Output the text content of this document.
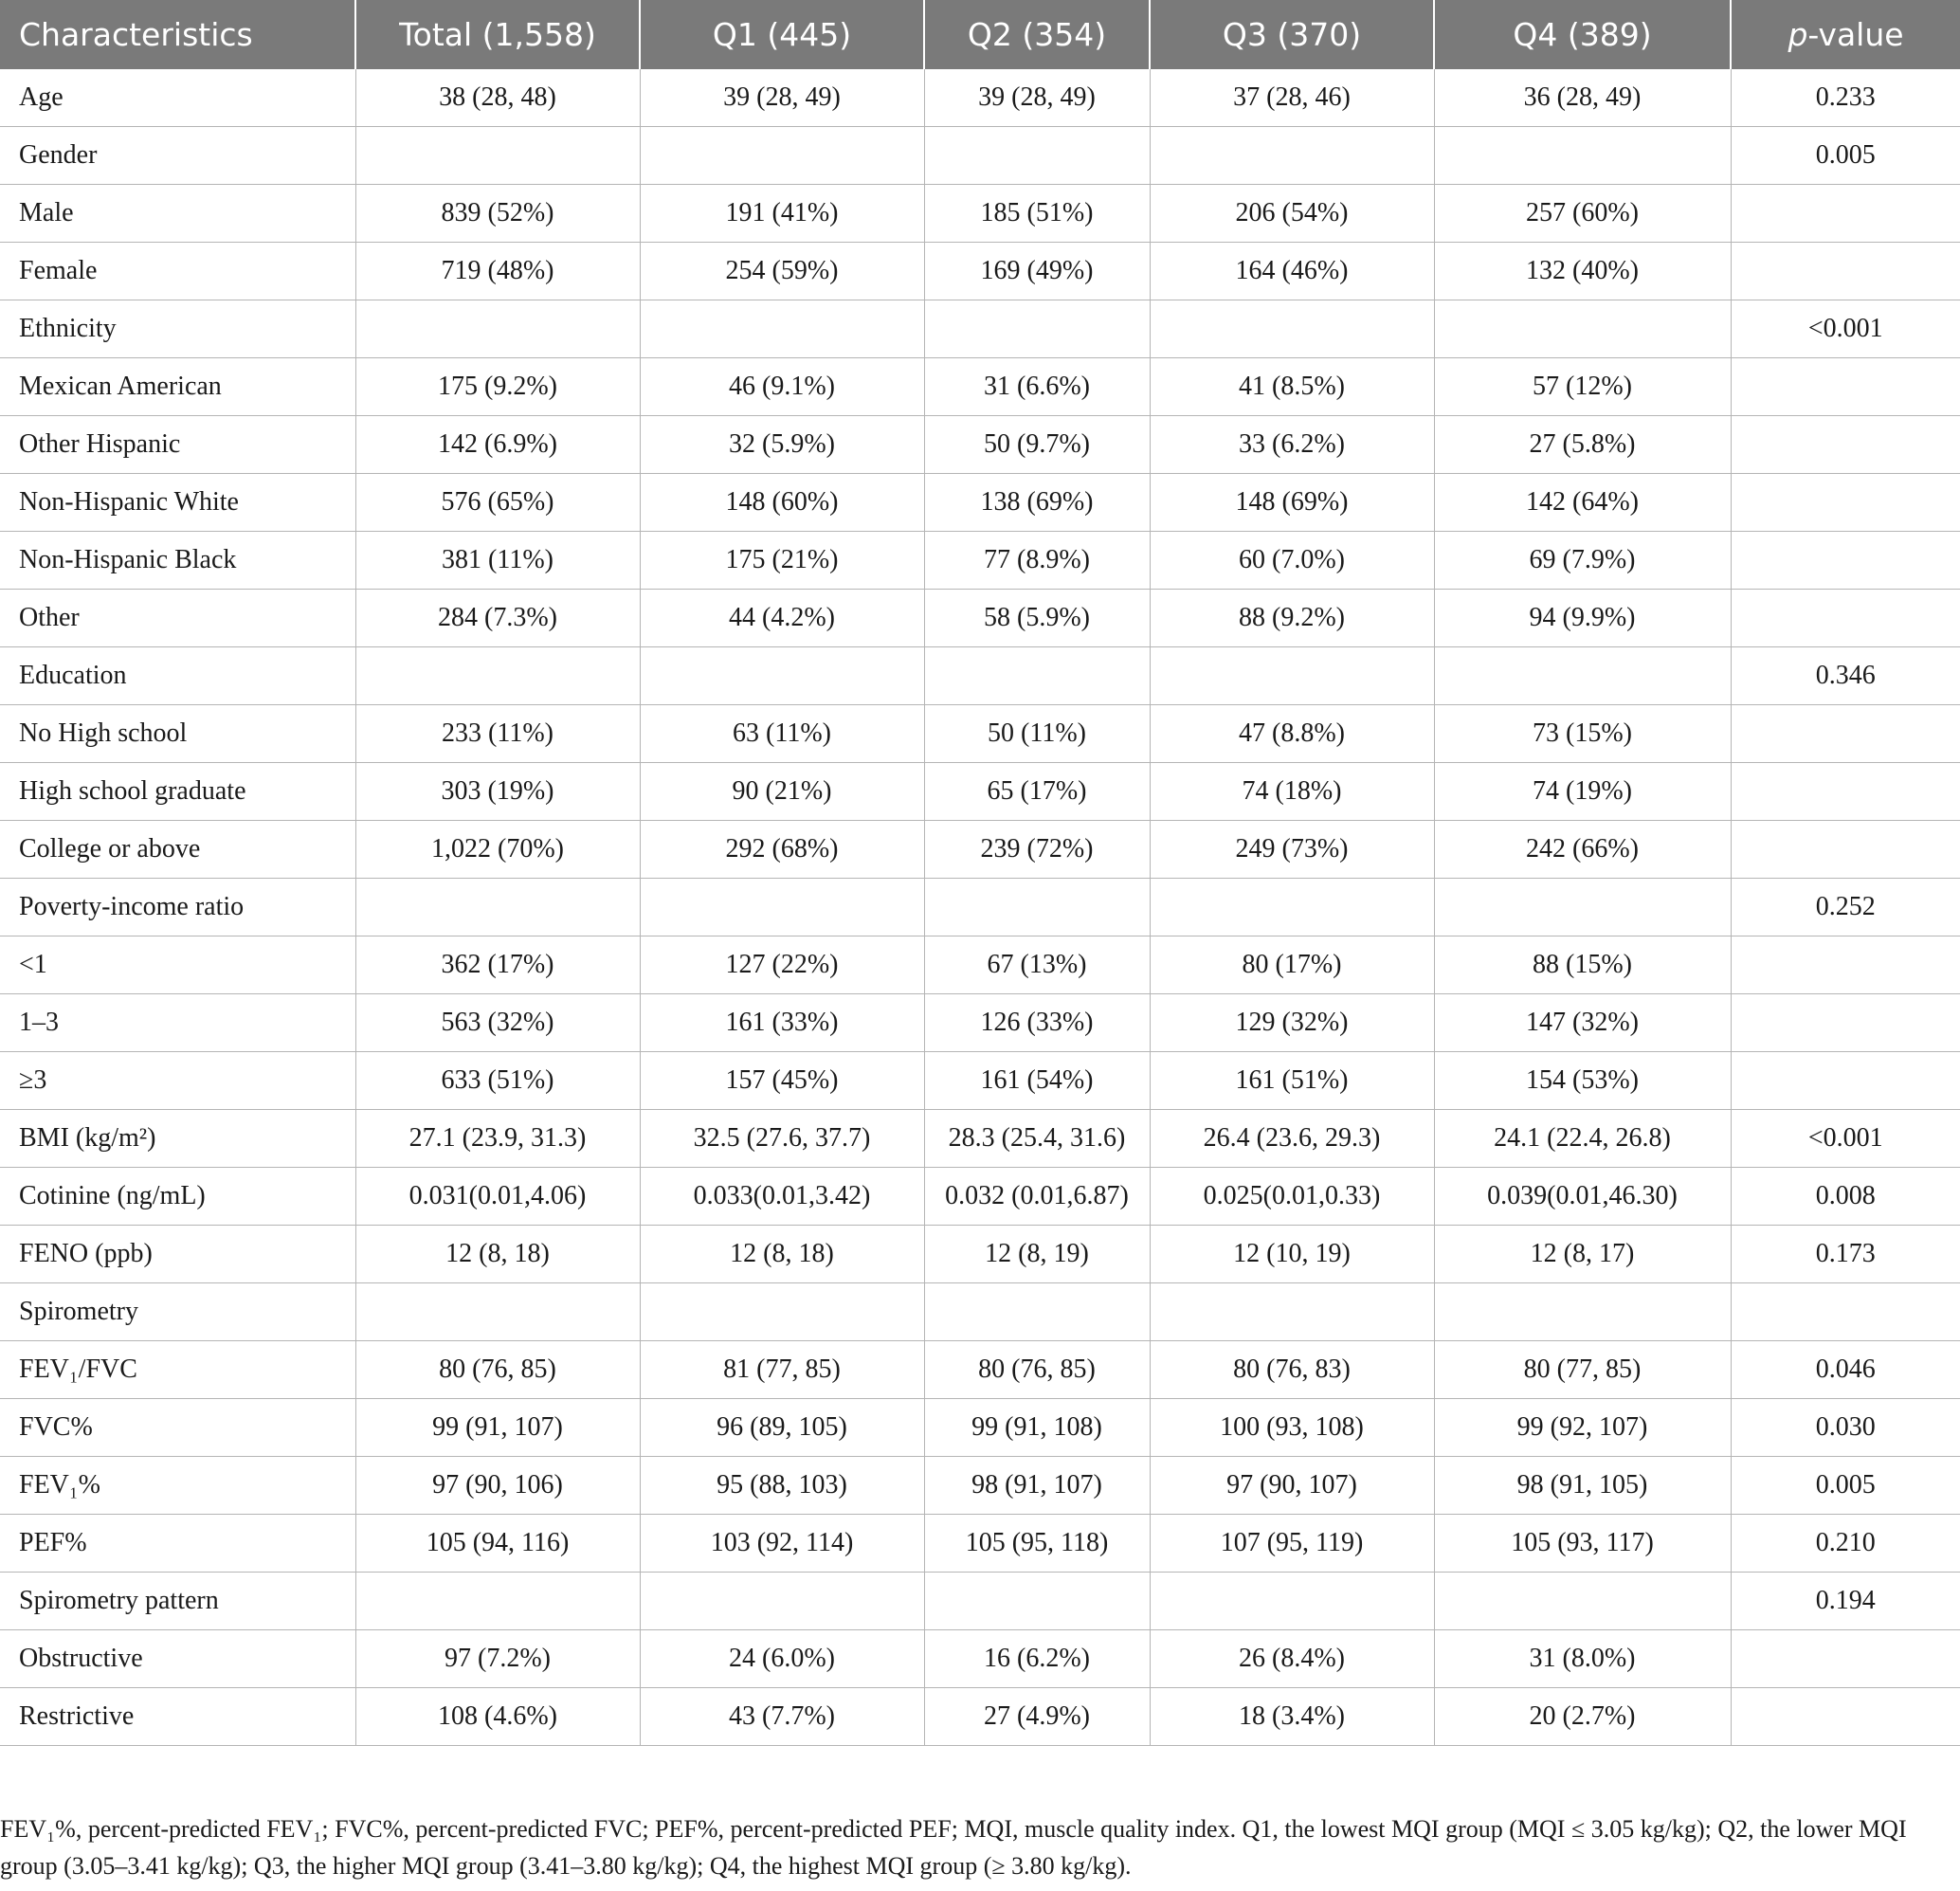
Characteristics	Total (1,558)	Q1 (445)	Q2 (354)	Q3 (370)	Q4 (389)	p-value
Age	38 (28, 48)	39 (28, 49)	39 (28, 49)	37 (28, 46)	36 (28, 49)	0.233
Gender						0.005
Male	839 (52%)	191 (41%)	185 (51%)	206 (54%)	257 (60%)	
Female	719 (48%)	254 (59%)	169 (49%)	164 (46%)	132 (40%)	
Ethnicity						<0.001
Mexican American	175 (9.2%)	46 (9.1%)	31 (6.6%)	41 (8.5%)	57 (12%)	
Other Hispanic	142 (6.9%)	32 (5.9%)	50 (9.7%)	33 (6.2%)	27 (5.8%)	
Non-Hispanic White	576 (65%)	148 (60%)	138 (69%)	148 (69%)	142 (64%)	
Non-Hispanic Black	381 (11%)	175 (21%)	77 (8.9%)	60 (7.0%)	69 (7.9%)	
Other	284 (7.3%)	44 (4.2%)	58 (5.9%)	88 (9.2%)	94 (9.9%)	
Education						0.346
No High school	233 (11%)	63 (11%)	50 (11%)	47 (8.8%)	73 (15%)	
High school graduate	303 (19%)	90 (21%)	65 (17%)	74 (18%)	74 (19%)	
College or above	1,022 (70%)	292 (68%)	239 (72%)	249 (73%)	242 (66%)	
Poverty-income ratio						0.252
<1	362 (17%)	127 (22%)	67 (13%)	80 (17%)	88 (15%)	
1–3	563 (32%)	161 (33%)	126 (33%)	129 (32%)	147 (32%)	
≥3	633 (51%)	157 (45%)	161 (54%)	161 (51%)	154 (53%)	
BMI (kg/m²)	27.1 (23.9, 31.3)	32.5 (27.6, 37.7)	28.3 (25.4, 31.6)	26.4 (23.6, 29.3)	24.1 (22.4, 26.8)	<0.001
Cotinine (ng/mL)	0.031(0.01,4.06)	0.033(0.01,3.42)	0.032 (0.01,6.87)	0.025(0.01,0.33)	0.039(0.01,46.30)	0.008
FENO (ppb)	12 (8, 18)	12 (8, 18)	12 (8, 19)	12 (10, 19)	12 (8, 17)	0.173
Spirometry						
FEV₁/FVC	80 (76, 85)	81 (77, 85)	80 (76, 85)	80 (76, 83)	80 (77, 85)	0.046
FVC%	99 (91, 107)	96 (89, 105)	99 (91, 108)	100 (93, 108)	99 (92, 107)	0.030
FEV₁%	97 (90, 106)	95 (88, 103)	98 (91, 107)	97 (90, 107)	98 (91, 105)	0.005
PEF%	105 (94, 116)	103 (92, 114)	105 (95, 118)	107 (95, 119)	105 (93, 117)	0.210
Spirometry pattern						0.194
Obstructive	97 (7.2%)	24 (6.0%)	16 (6.2%)	26 (8.4%)	31 (8.0%)	
Restrictive	108 (4.6%)	43 (7.7%)	27 (4.9%)	18 (3.4%)	20 (2.7%)	
FEV₁%, percent-predicted FEV₁; FVC%, percent-predicted FVC; PEF%, percent-predicted PEF; MQI, muscle quality index. Q1, the lowest MQI group (MQI ≤ 3.05 kg/kg); Q2, the lower MQI group (3.05–3.41 kg/kg); Q3, the higher MQI group (3.41–3.80 kg/kg); Q4, the highest MQI group (≥ 3.80 kg/kg).
